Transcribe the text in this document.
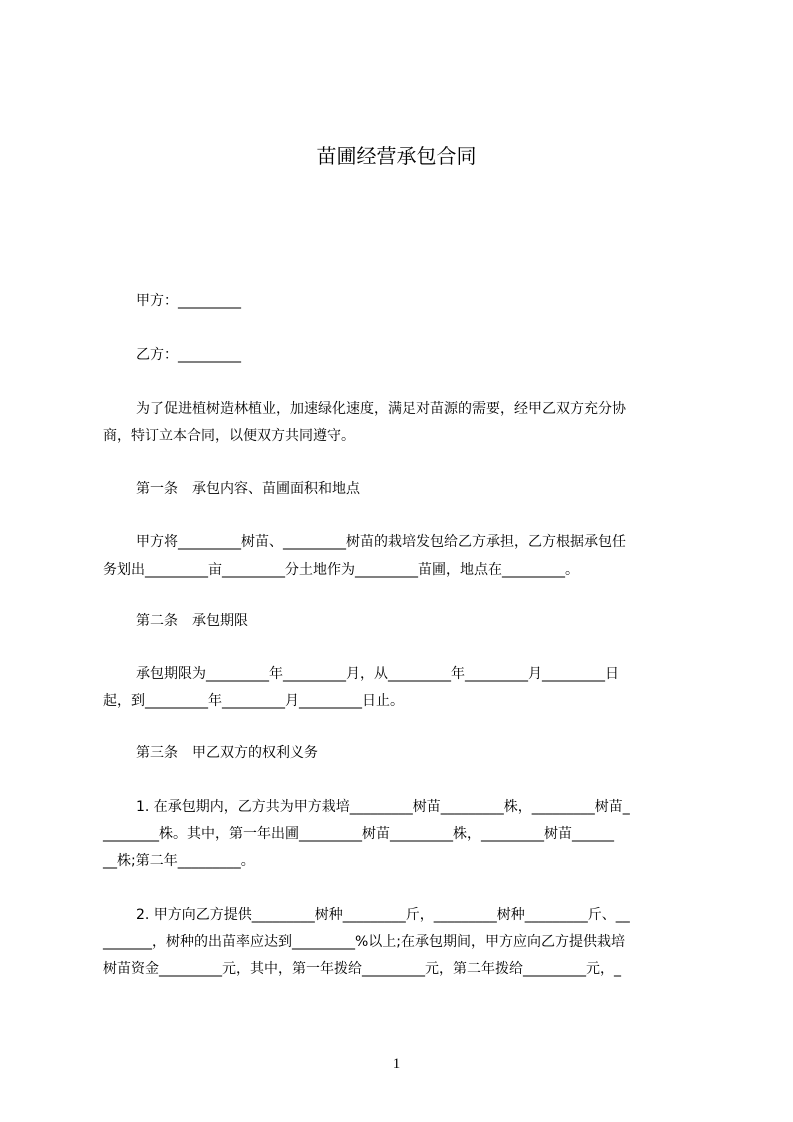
苗圃经营承包合同
甲方：_________
乙方：_________
为了促进植树造林植业，加速绿化速度，满足对苗源的需要，经甲乙双方充分协
商，特订立本合同，以便双方共同遵守。
第一条　承包内容、苗圃面积和地点
甲方将_________树苗、_________树苗的栽培发包给乙方承担，乙方根据承包任
务划出_________亩_________分土地作为_________苗圃，地点在_________。
第二条　承包期限
承包期限为_________年_________月，从_________年_________月_________日
起，到_________年_________月_________日止。
第三条　甲乙双方的权利义务
1. 在承包期内，乙方共为甲方栽培_________树苗_________株，_________树苗_
________株。其中，第一年出圃_________树苗_________株，_________树苗______
__株;第二年_________。
2. 甲方向乙方提供_________树种_________斤，_________树种_________斤、__
_______，树种的出苗率应达到_________%以上;在承包期间，甲方应向乙方提供栽培
树苗资金_________元，其中，第一年拨给_________元，第二年拨给_________元，_
1
